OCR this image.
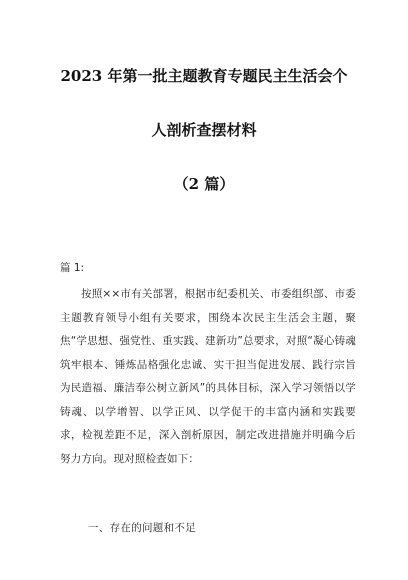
2023 年第一批主题教育专题民主生活会个
人剖析查摆材料
（2 篇）
篇 1:
按照××市有关部署，根据市纪委机关、市委组织部、市委主题教育领导小组有关要求，围绕本次民主生活会主题，聚焦“学思想、强党性、重实践、建新功”总要求，对照“凝心铸魂筑牢根本、锤炼品格强化忠诚、实干担当促进发展、践行宗旨为民造福、廉洁奉公树立新风”的具体目标，深入学习领悟以学铸魂、以学增智、以学正风、以学促干的丰富内涵和实践要求，检视差距不足，深入剖析原因，制定改进措施并明确今后努力方向。现对照检查如下：
一、存在的问题和不足
